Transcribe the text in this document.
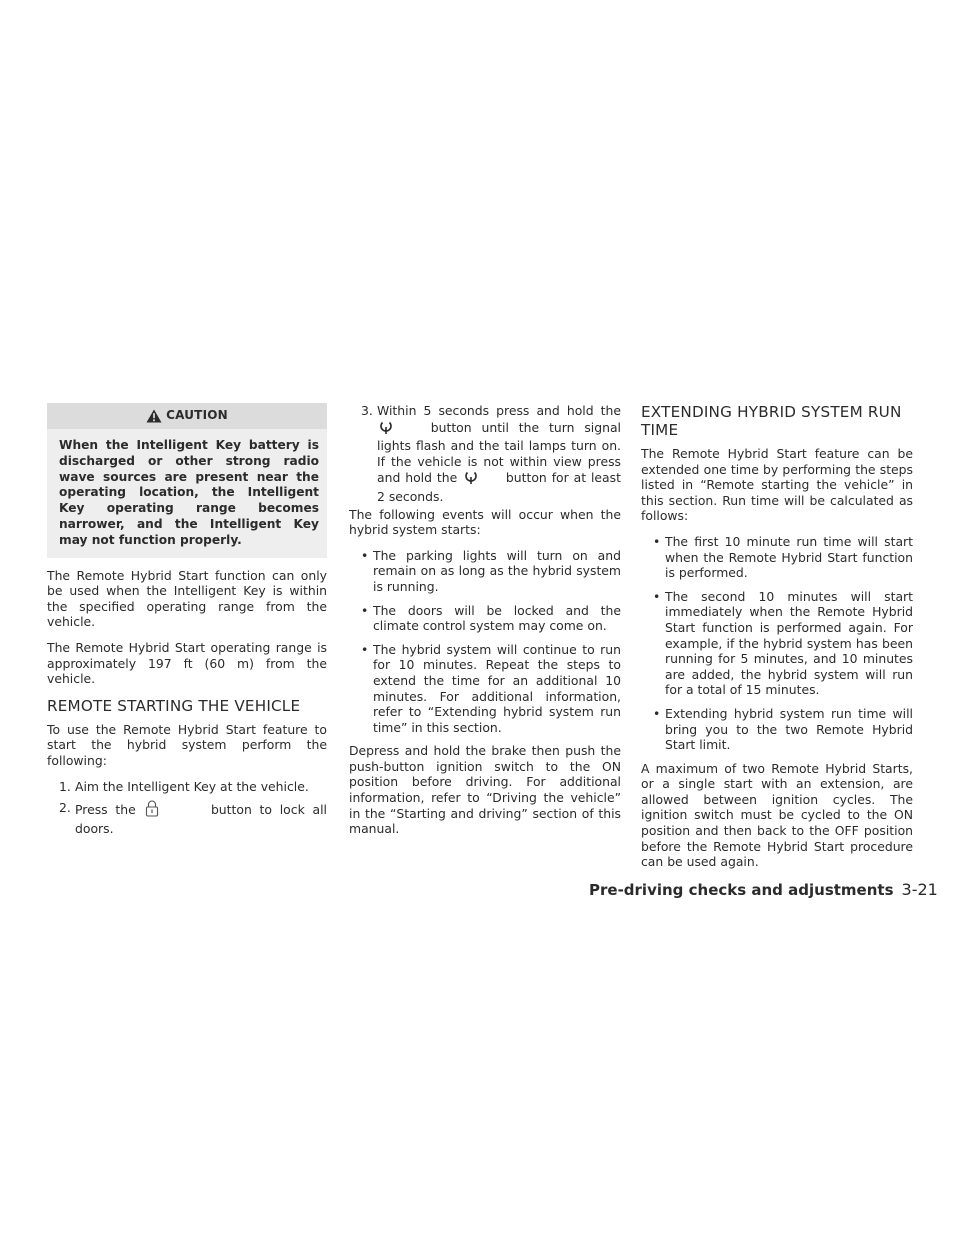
CAUTION
When the Intelligent Key battery is discharged or other strong radio wave sources are present near the operating location, the Intelligent Key operating range becomes narrower, and the Intelligent Key may not function properly.

The Remote Hybrid Start function can only be used when the Intelligent Key is within the specified operating range from the vehicle.

The Remote Hybrid Start operating range is approximately 197 ft (60 m) from the vehicle.

REMOTE STARTING THE VEHICLE

To use the Remote Hybrid Start feature to start the hybrid system perform the following:

1. Aim the Intelligent Key at the vehicle.
2. Press the	button to lock all doors.
3. Within 5 seconds press and hold the   button until the turn signal lights flash and the tail lamps turn on. If the vehicle is not within view press and hold the	button for at least 2 seconds.

The following events will occur when the hybrid system starts:

• The parking lights will turn on and remain on as long as the hybrid system is running.
• The doors will be locked and the climate control system may come on.
• The hybrid system will continue to run for 10 minutes. Repeat the steps to extend the time for an additional 10 minutes. For additional information, refer to “Extending hybrid system run time” in this section.

Depress and hold the brake then push the push-button ignition switch to the ON position before driving. For additional information, refer to “Driving the vehicle” in the “Starting and driving” section of this manual.

EXTENDING HYBRID SYSTEM RUN TIME

The Remote Hybrid Start feature can be extended one time by performing the steps listed in “Remote starting the vehicle” in this section. Run time will be calculated as follows:

• The first 10 minute run time will start when the Remote Hybrid Start function is performed.
• The second 10 minutes will start immediately when the Remote Hybrid Start function is performed again. For example, if the hybrid system has been running for 5 minutes, and 10 minutes are added, the hybrid system will run for a total of 15 minutes.
• Extending hybrid system run time will bring you to the two Remote Hybrid Start limit.

A maximum of two Remote Hybrid Starts, or a single start with an extension, are allowed between ignition cycles. The ignition switch must be cycled to the ON position and then back to the OFF position before the Remote Hybrid Start procedure can be used again.

Pre-driving checks and adjustments 3-21
